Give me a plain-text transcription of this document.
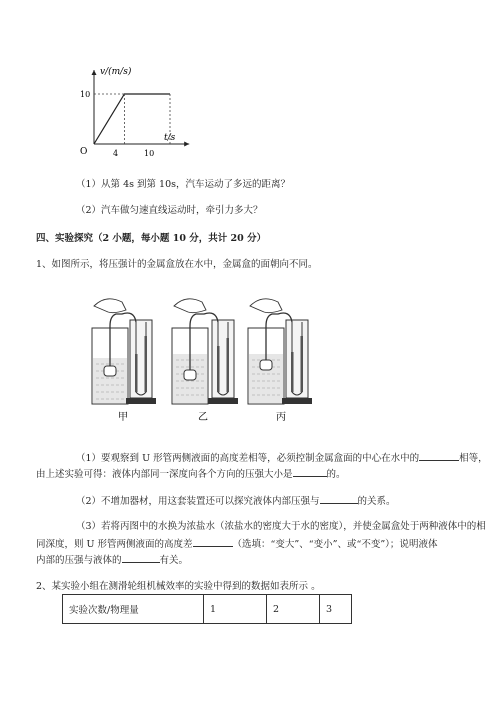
v/(m/s)
t/s
O
10
4	10
（1）从第 4s 到第 10s，汽车运动了多远的距离？
（2）汽车做匀速直线运动时，牵引力多大？
四、实验探究（2 小题，每小题 10 分，共计 20 分）
1、如图所示，将压强计的金属盒放在水中，金属盒的面朝向不同。
甲	乙	丙
（1）要观察到 U 形管两侧液面的高度差相等，必须控制金属盒面的中心在水中的	相等，
由上述实验可得：液体内部同一深度向各个方向的压强大小是	的。
（2）不增加器材，用这套装置还可以探究液体内部压强与	的关系。
（3）若将丙图中的水换为浓盐水（浓盐水的密度大于水的密度），并使金属盒处于两种液体中的相
同深度，则 U 形管两侧液面的高度差	（选填：“变大”、“变小”、或“不变”）；说明液体
内部的压强与液体的	有关。
2、某实验小组在测滑轮组机械效率的实验中得到的数据如表所示 。
实验次数/物理量	1	2	3
